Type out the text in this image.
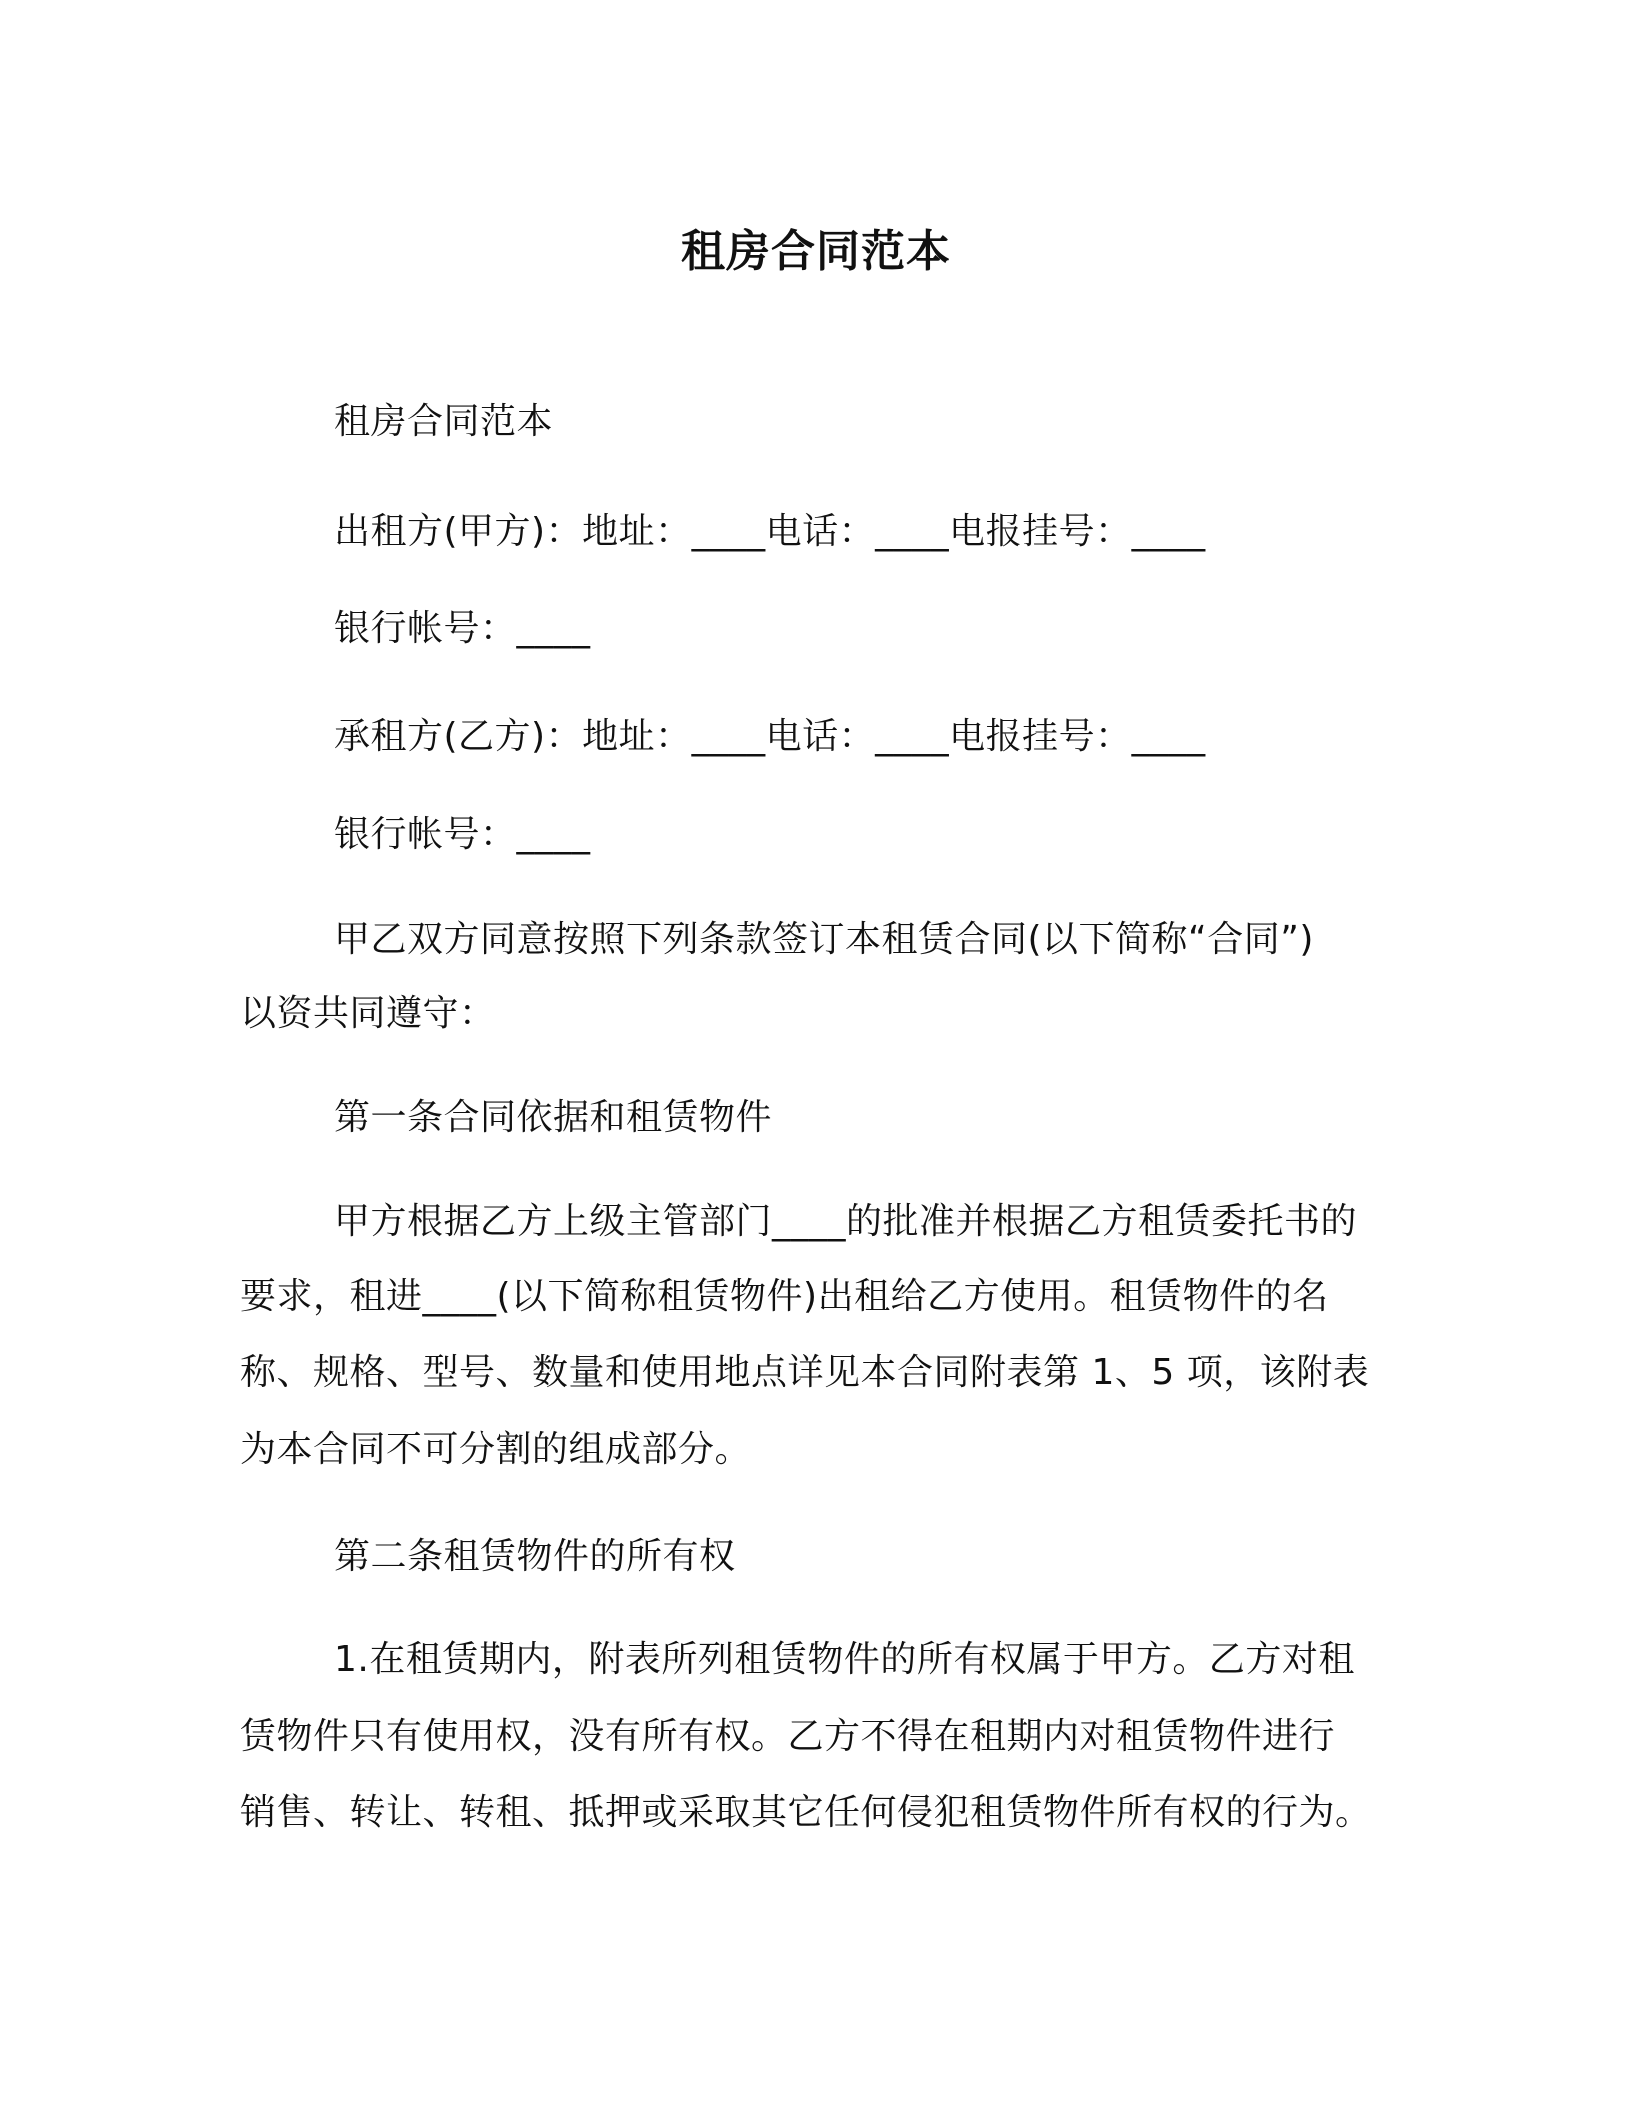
租房合同范本
租房合同范本
出租方(甲方)：地址：____电话：____电报挂号：____
银行帐号：____
承租方(乙方)：地址：____电话：____电报挂号：____
银行帐号：____
甲乙双方同意按照下列条款签订本租赁合同(以下简称“合同”)
以资共同遵守：
第一条合同依据和租赁物件
甲方根据乙方上级主管部门____的批准并根据乙方租赁委托书的
要求，租进____(以下简称租赁物件)出租给乙方使用。租赁物件的名
称、规格、型号、数量和使用地点详见本合同附表第 1、5 项，该附表
为本合同不可分割的组成部分。
第二条租赁物件的所有权
1.在租赁期内，附表所列租赁物件的所有权属于甲方。乙方对租
赁物件只有使用权，没有所有权。乙方不得在租期内对租赁物件进行
销售、转让、转租、抵押或采取其它任何侵犯租赁物件所有权的行为。
